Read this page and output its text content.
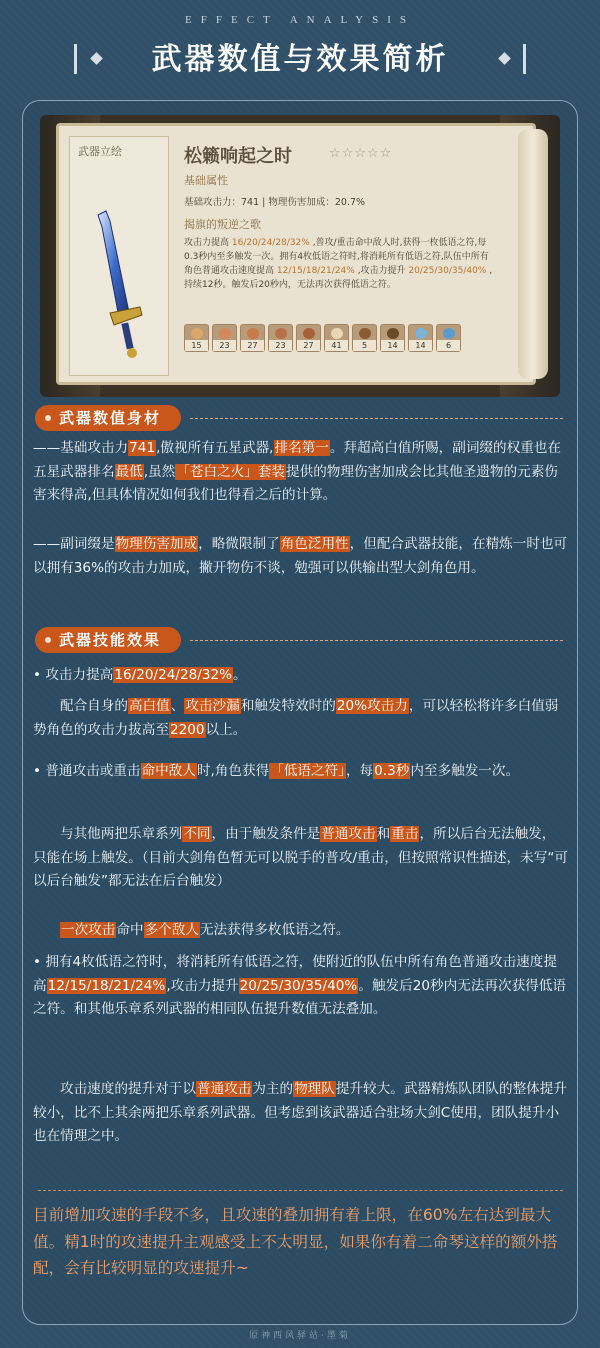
EFFECT ANALYSIS
武器数值与效果简析
武器立绘	松籁响起之时	☆☆☆☆☆
基础属性
基础攻击力：741 | 物理伤害加成：20.7%
揭旗的叛逆之歌
攻击力提高 16/20/24/28/32% ,普攻/重击命中敌人时,获得一枚低语之符,每0.3秒内至多触发一次。拥有4枚低语之符时,将消耗所有低语之符,队伍中所有角色普通攻击速度提高 12/15/18/21/24% ,攻击力提升 20/25/30/35/40% ,持续12秒。触发后20秒内，无法再次获得低语之符。
15	23	27	23	27	41	5	14	14	6
武器数值身材
——基础攻击力741,傲视所有五星武器,排名第一。拜超高白值所赐，副词缀的权重也在五星武器排名最低,虽然「苍白之火」套装提供的物理伤害加成会比其他圣遗物的元素伤害来得高,但具体情况如何我们也得看之后的计算。
——副词缀是物理伤害加成，略微限制了角色泛用性，但配合武器技能，在精炼一时也可以拥有36%的攻击力加成，撇开物伤不谈，勉强可以供输出型大剑角色用。
武器技能效果
• 攻击力提高16/20/24/28/32%。
配合自身的高白值、攻击沙漏和触发特效时的20%攻击力，可以轻松将许多白值弱势角色的攻击力拔高至2200以上。
• 普通攻击或重击命中敌人时,角色获得「低语之符」，每0.3秒内至多触发一次。
与其他两把乐章系列不同，由于触发条件是普通攻击和重击，所以后台无法触发，只能在场上触发。（目前大剑角色暂无可以脱手的普攻/重击，但按照常识性描述，未写“可以后台触发”都无法在后台触发）
一次攻击命中多个敌人无法获得多枚低语之符。
• 拥有4枚低语之符时，将消耗所有低语之符，使附近的队伍中所有角色普通攻击速度提高12/15/18/21/24%,攻击力提升20/25/30/35/40%。触发后20秒内无法再次获得低语之符。和其他乐章系列武器的相同队伍提升数值无法叠加。
攻击速度的提升对于以普通攻击为主的物理队提升较大。武器精炼队团队的整体提升较小，比不上其余两把乐章系列武器。但考虑到该武器适合驻场大剑C使用，团队提升小也在情理之中。
目前增加攻速的手段不多，且攻速的叠加拥有着上限，在60%左右达到最大值。精1时的攻速提升主观感受上不太明显，如果你有着二命琴这样的额外搭配，会有比较明显的攻速提升~
原神西风驿站·墨菊
